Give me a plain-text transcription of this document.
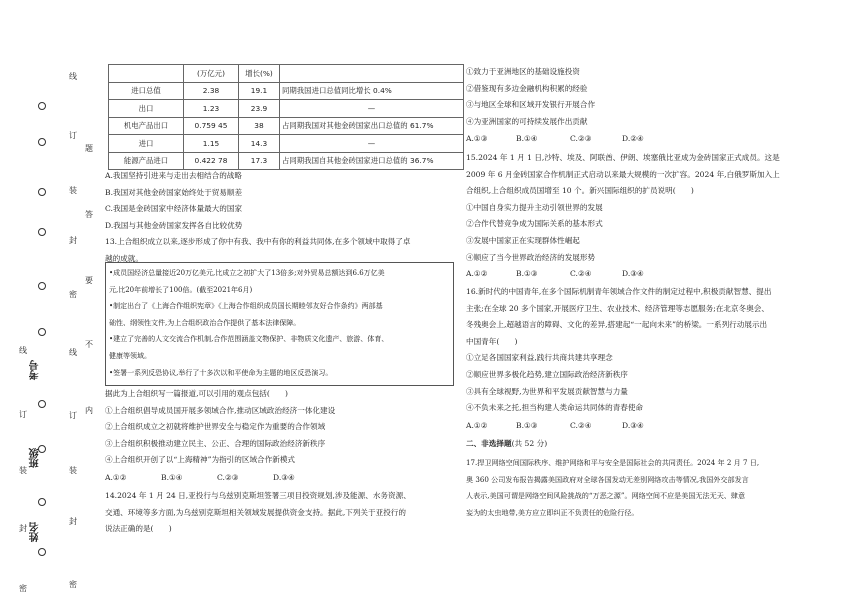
线
订
装
封
密
线
订
装
封
密
题
答
要
不
内
线
订
装
封
密
考号
班级
姓名
	(万亿元)	增长(%)	
进口总值	2.38	19.1	同期我国进口总值同比增长 0.4%
出口	1.23	23.9	—
机电产品出口	0.759 45	38	占同期我国对其他金砖国家出口总值的 61.7%
进口	1.15	14.3	—
能源产品进口	0.422 78	17.3	占同期我国自其他金砖国家进口总值的 36.7%

A.我国坚持引进来与走出去相结合的战略

B.我国对其他金砖国家始终处于贸易顺差

C.我国是金砖国家中经济体量最大的国家

D.我国与其他金砖国家发挥各自比较优势

13.上合组织成立以来,逐步形成了你中有我、我中有你的利益共同体,在多个领域中取得了卓

越的成就。

•成员国经济总量接近20万亿美元,比成立之初扩大了13倍多;对外贸易总额达到6.6万亿美

元,比20年前增长了100倍。(截至2021年6月)

•制定出台了《上海合作组织宪章》《上海合作组织成员国长期睦邻友好合作条约》两部基

础性、纲领性文件,为上合组织政治合作提供了基本法律保障。

•建立了完善的人文交流合作机制,合作范围涵盖文物保护、非物质文化遗产、旅游、体育、

健康等领域。

•签署一系列反恐协议,举行了十多次以和平使命为主题的地区反恐演习。

据此为上合组织写一篇报道,可以引用的观点包括(　　)

①上合组织倡导成员国开展多领域合作,推动区域政治经济一体化建设

②上合组织成立之初就将维护世界安全与稳定作为重要的合作领域

③上合组织积极推动建立民主、公正、合理的国际政治经济新秩序

④上合组织开创了以“上海精神”为指引的区域合作新模式

A.①②	B.①④	C.②③	D.③④

14.2024 年 1 月 24 日,亚投行与乌兹别克斯坦签署三项目投资规划,涉及能源、水务资源、

交通、环境等多方面,为乌兹别克斯坦相关领域发展提供资金支持。据此,下列关于亚投行的

说法正确的是(　　)

①致力于亚洲地区的基础设施投资

②借鉴现有多边金融机构积累的经验

③与地区全球和区域开发银行开展合作

④为亚洲国家的可持续发展作出贡献

A.①③	B.①④	C.②③	D.②④

15.2024 年 1 月 1 日,沙特、埃及、阿联酋、伊朗、埃塞俄比亚成为金砖国家正式成员。这是

2009 年 6 月金砖国家合作机制正式启动以来最大规模的一次扩容。2024 年,白俄罗斯加入上

合组织,上合组织成员国增至 10 个。新兴国际组织的扩员说明(　　)

①中国自身实力提升主动引领世界的发展

②合作代替竞争成为国际关系的基本形式

③发展中国家正在实现群体性崛起

④顺应了当今世界政治经济的发展形势

A.①②	B.①③	C.②④	D.③④

16.新时代的中国青年,在多个国际机制青年领域合作文件的制定过程中,积极贡献智慧、提出

主张;在全球 20 多个国家,开展医疗卫生、农业技术、经济管理等志愿服务;在北京冬奥会、

冬残奥会上,超越语言的障碍、文化的差异,搭建起“一起向未来”的桥梁。一系列行动展示出

中国青年(　　)

①立足各国国家利益,践行共商共建共享理念

②顺应世界多极化趋势,建立国际政治经济新秩序

③具有全球视野,为世界和平发展贡献智慧与力量

④不负未来之托,担当构建人类命运共同体的青春使命

A.①②	B.①③	C.②④	D.③④
二、非选择题(共 52 分)

17.捍卫网络空间国际秩序、维护网络和平与安全是国际社会的共同责任。2024 年 2 月 7 日,

奥 360 公司发布报告揭露美国政府对全球各国发动无差别网络攻击等情况,我国外交部发言

人表示,美国可谓是网络空间风险挑战的“万恶之源”。网络空间不应是美国无法无天、肆意

妄为的太虫地带,美方应立即纠正不负责任的危险行径。
